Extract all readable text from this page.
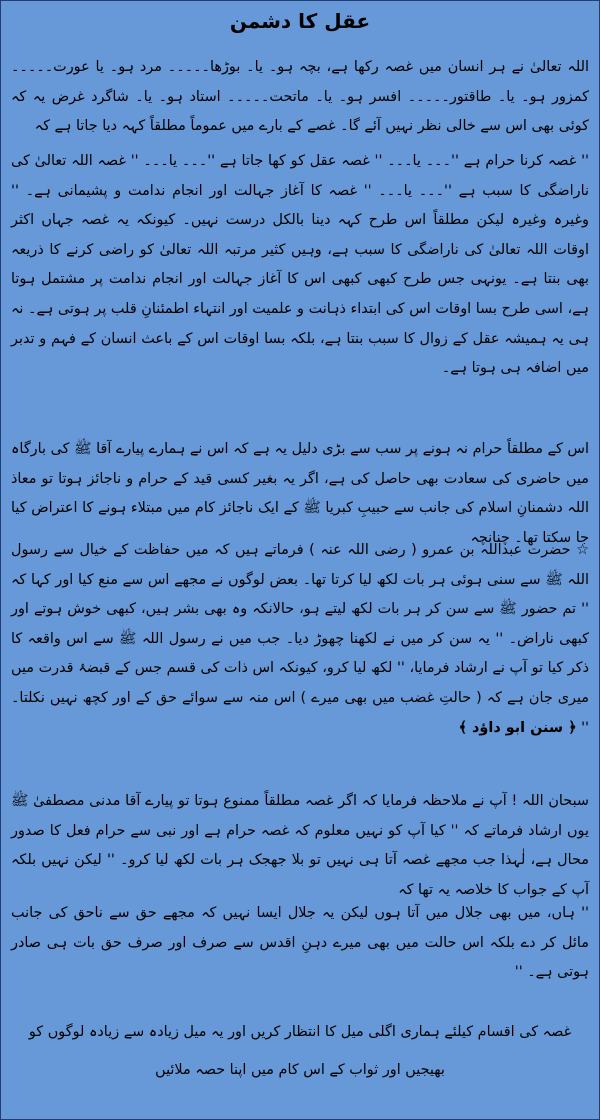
عقل کا دشمن

اللہ تعالیٰ نے ہر انسان میں غصہ رکھا ہے، بچہ ہو۔ یا۔ بوڑھا۔۔۔۔۔ مرد ہو۔ یا عورت۔۔۔۔۔ کمزور ہو۔ یا۔ طاقتور۔۔۔۔۔ افسر ہو۔ یا۔ ماتحت۔۔۔۔۔ استاد ہو۔ یا۔ شاگرد غرض یہ کہ کوئی بھی اس سے خالی نظر نہیں آئے گا۔ غصے کے بارے میں عموماً مطلقاً کہہ دیا جاتا ہے کہ

'' غصہ کرنا حرام ہے ''۔۔۔ یا۔۔۔ '' غصہ عقل کو کھا جاتا ہے ''۔۔۔ یا۔۔۔ '' غصہ اللہ تعالیٰ کی ناراضگی کا سبب ہے ''۔۔۔ یا۔۔۔ '' غصہ کا آغاز جہالت اور انجام ندامت و پشیمانی ہے۔ '' وغیرہ وغیرہ لیکن مطلقاً اس طرح کہہ دینا بالکل درست نہیں۔ کیونکہ یہ غصہ جہاں اکثر اوقات اللہ تعالیٰ کی ناراضگی کا سبب ہے، وہیں کثیر مرتبہ اللہ تعالیٰ کو راضی کرنے کا ذریعہ بھی بنتا ہے۔ یونہی جس طرح کبھی کبھی اس کا آغاز جہالت اور انجام ندامت پر مشتمل ہوتا ہے، اسی طرح بسا اوقات اس کی ابتداء ذہانت و علمیت اور انتہاء اطمئنانِ قلب پر ہوتی ہے۔ نہ ہی یہ ہمیشہ عقل کے زوال کا سبب بنتا ہے، بلکہ بسا اوقات اس کے باعث انسان کے فہم و تدبر میں اضافہ ہی ہوتا ہے۔

اس کے مطلقاً حرام نہ ہونے پر سب سے بڑی دلیل یہ ہے کہ اس نے ہمارے پیارے آقا ﷺ کی بارگاہ میں حاضری کی سعادت بھی حاصل کی ہے، اگر یہ بغیر کسی قید کے حرام و ناجائز ہوتا تو معاذ اللہ دشمنانِ اسلام کی جانب سے حبیبِ کبریا ﷺ کے ایک ناجائز کام میں مبتلاء ہونے کا اعتراض کیا جا سکتا تھا۔ چنانچہ

☆ حضرت عبداللہ بن عمرو ( رضی اللہ عنہ ) فرماتے ہیں کہ میں حفاظت کے خیال سے رسول اللہ ﷺ سے سنی ہوئی ہر بات لکھ لیا کرتا تھا۔ بعض لوگوں نے مجھے اس سے منع کیا اور کہا کہ '' تم حضور ﷺ سے سن کر ہر بات لکھ لیتے ہو، حالانکہ وہ بھی بشر ہیں، کبھی خوش ہوتے اور کبھی ناراض۔ '' یہ سن کر میں نے لکھنا چھوڑ دیا۔ جب میں نے رسول اللہ ﷺ سے اس واقعہ کا ذکر کیا تو آپ نے ارشاد فرمایا، '' لکھ لیا کرو، کیونکہ اس ذات کی قسم جس کے قبضۂ قدرت میں میری جان ہے کہ ( حالتِ غضب میں بھی میرے ) اس منہ سے سوائے حق کے اور کچھ نہیں نکلتا۔ '' ﴿ سنن ابو داؤد ﴾

سبحان اللہ ! آپ نے ملاحظہ فرمایا کہ اگر غصہ مطلقاً ممنوع ہوتا تو پیارے آقا مدنی مصطفیٰ ﷺ یوں ارشاد فرماتے کہ '' کیا آپ کو نہیں معلوم کہ غصہ حرام ہے اور نبی سے حرام فعل کا صدور محال ہے، لٰہذا جب مجھے غصہ آتا ہی نہیں تو بلا جھجک ہر بات لکھ لیا کرو۔ '' لیکن نہیں بلکہ آپ کے جواب کا خلاصہ یہ تھا کہ

'' ہاں، میں بھی جلال میں آتا ہوں لیکن یہ جلال ایسا نہیں کہ مجھے حق سے ناحق کی جانب مائل کر دے بلکہ اس حالت میں بھی میرے دہنِ اقدس سے صرف اور صرف حق بات ہی صادر ہوتی ہے۔ ''

غصہ کی اقسام کیلئے ہماری اگلی میل کا انتظار کریں اور یہ میل زیادہ سے زیادہ لوگوں کو بھیجیں اور ثواب کے اس کام میں اپنا حصہ ملائیں
